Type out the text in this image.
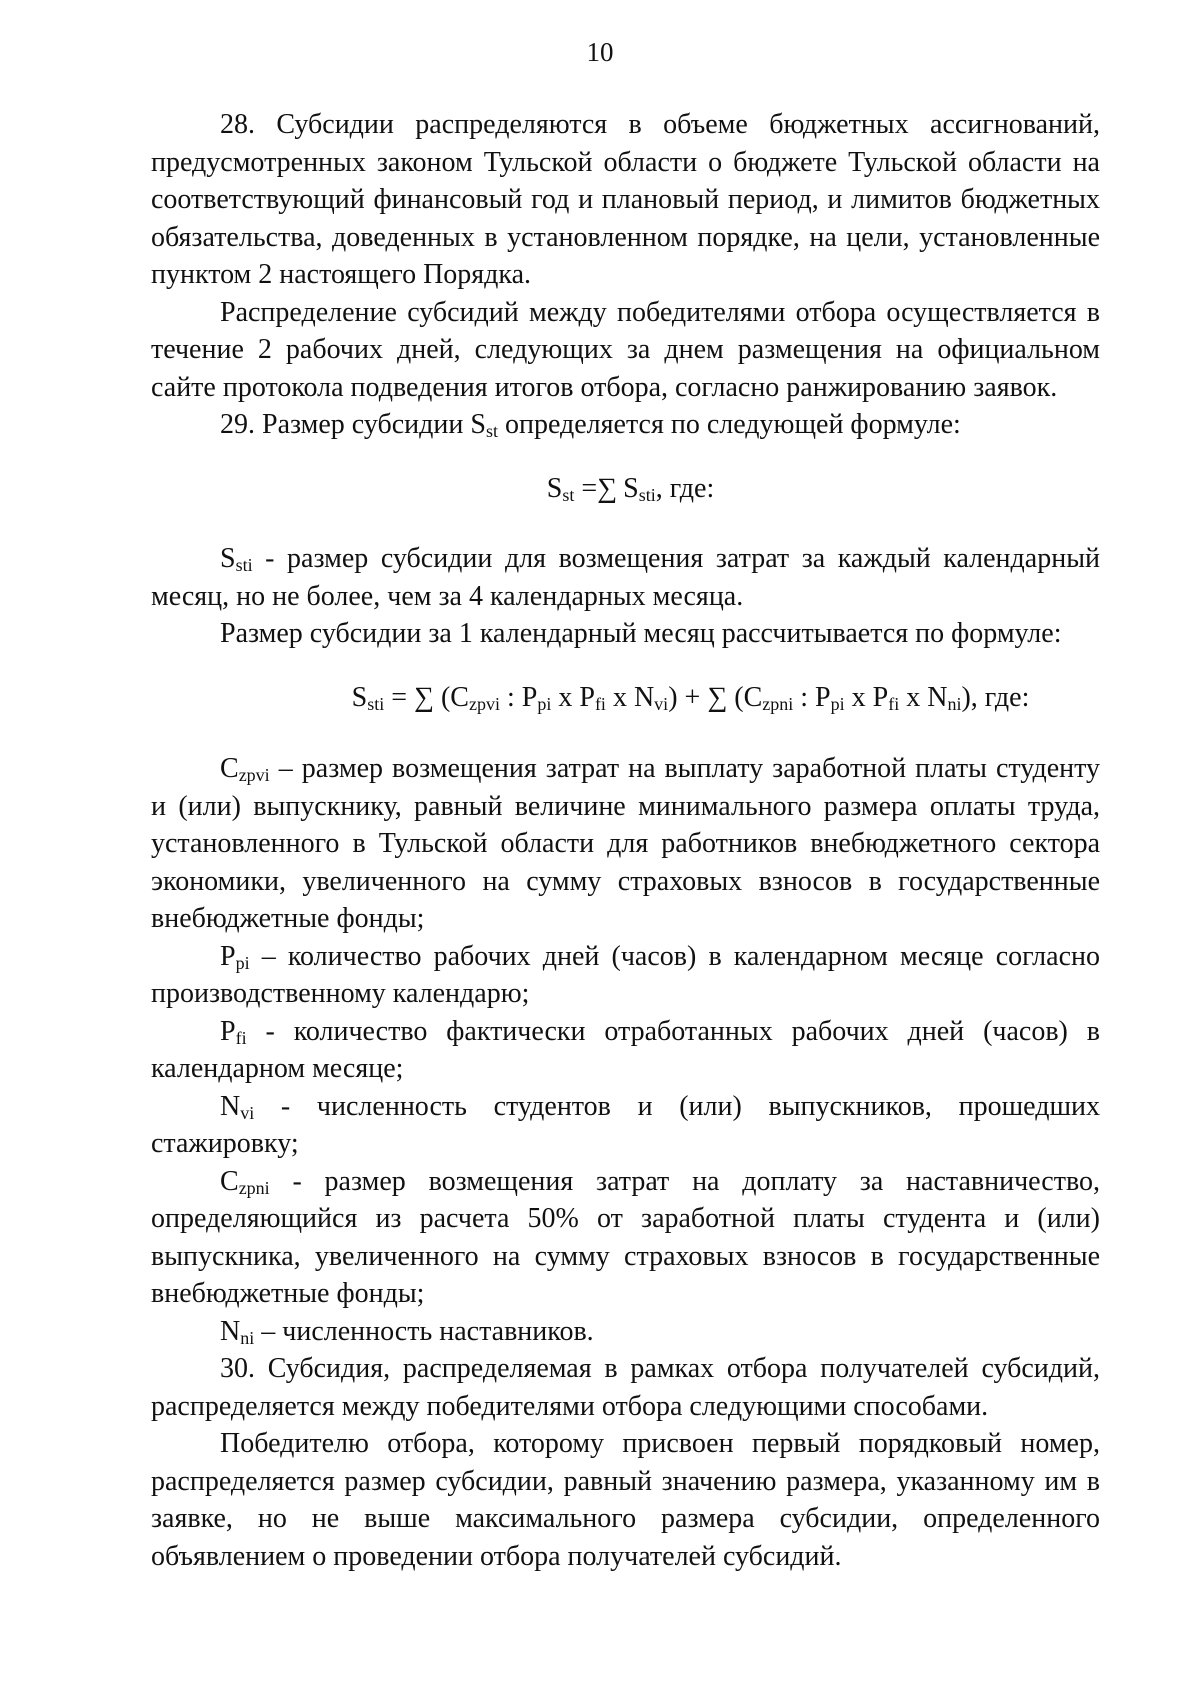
10

28. Субсидии распределяются в объеме бюджетных ассигнований, предусмотренных законом Тульской области о бюджете Тульской области на соответствующий финансовый год и плановый период, и лимитов бюджетных обязательства, доведенных в установленном порядке, на цели, установленные пунктом 2 настоящего Порядка.

Распределение субсидий между победителями отбора осуществляется в течение 2 рабочих дней, следующих за днем размещения на официальном сайте протокола подведения итогов отбора, согласно ранжированию заявок.

29. Размер субсидии $S_{st}$ определяется по следующей формуле:

$S_{st}$ =∑ $S_{sti}$, где:

$S_{sti}$ - размер субсидии для возмещения затрат за каждый календарный месяц, но не более, чем за 4 календарных месяца.

Размер субсидии за 1 календарный месяц рассчитывается по формуле:

$S_{sti}$ = ∑ ($C_{zpvi}$ : $P_{pi}$ x $P_{fi}$ x $N_{vi}$) + ∑ ($C_{zpni}$ : $P_{pi}$ x $P_{fi}$ x $N_{ni}$), где:

$C_{zpvi}$ – размер возмещения затрат на выплату заработной платы студенту и (или) выпускнику, равный величине минимального размера оплаты труда, установленного в Тульской области для работников внебюджетного сектора экономики, увеличенного на сумму страховых взносов в государственные внебюджетные фонды;

$P_{pi}$ – количество рабочих дней (часов) в календарном месяце согласно производственному календарю;

$P_{fi}$ - количество фактически отработанных рабочих дней (часов) в календарном месяце;

$N_{vi}$ - численность студентов и (или) выпускников, прошедших стажировку;

$C_{zpni}$ - размер возмещения затрат на доплату за наставничество, определяющийся из расчета 50% от заработной платы студента и (или) выпускника, увеличенного на сумму страховых взносов в государственные внебюджетные фонды;

$N_{ni}$ – численность наставников.

30. Субсидия, распределяемая в рамках отбора получателей субсидий, распределяется между победителями отбора следующими способами.

Победителю отбора, которому присвоен первый порядковый номер, распределяется размер субсидии, равный значению размера, указанному им в заявке, но не выше максимального размера субсидии, определенного объявлением о проведении отбора получателей субсидий.
